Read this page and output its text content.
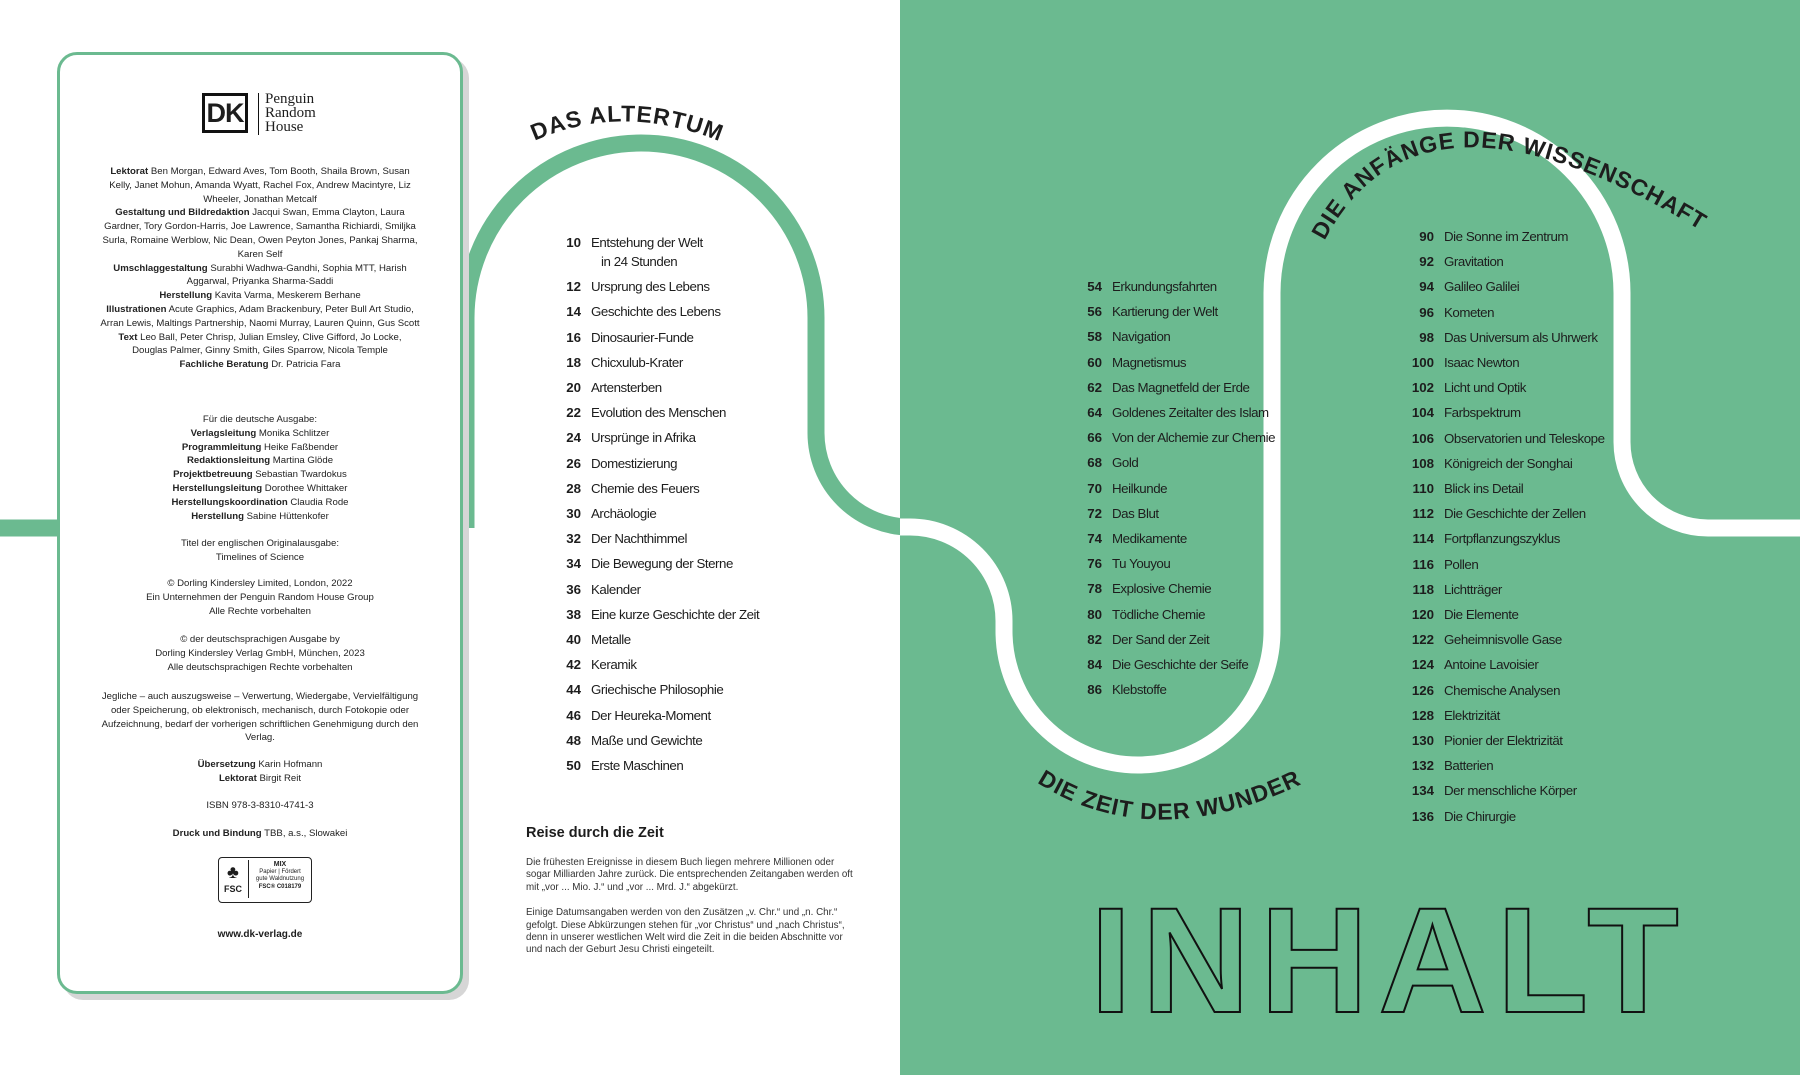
DAS ALTERTUM
DIE ZEIT DER WUNDER
DIE ANFÄNGE DER WISSENSCHAFT
DK	Penguin
Random
House
Lektorat Ben Morgan, Edward Aves, Tom Booth, Shaila Brown, Susan Kelly, Janet Mohun, Amanda Wyatt, Rachel Fox, Andrew Macintyre, Liz Wheeler, Jonathan Metcalf
Gestaltung und Bildredaktion Jacqui Swan, Emma Clayton, Laura Gardner, Tory Gordon-Harris, Joe Lawrence, Samantha Richiardi, Smiljka Surla, Romaine Werblow, Nic Dean, Owen Peyton Jones, Pankaj Sharma, Karen Self
Umschlaggestaltung Surabhi Wadhwa-Gandhi, Sophia MTT, Harish Aggarwal, Priyanka Sharma-Saddi
Herstellung Kavita Varma, Meskerem Berhane
Illustrationen Acute Graphics, Adam Brackenbury, Peter Bull Art Studio, Arran Lewis, Maltings Partnership, Naomi Murray, Lauren Quinn, Gus Scott
Text Leo Ball, Peter Chrisp, Julian Emsley, Clive Gifford, Jo Locke, Douglas Palmer, Ginny Smith, Giles Sparrow, Nicola Temple
Fachliche Beratung Dr. Patricia Fara
Für die deutsche Ausgabe:
Verlagsleitung Monika Schlitzer
Programmleitung Heike Faßbender
Redaktionsleitung Martina Glöde
Projektbetreuung Sebastian Twardokus
Herstellungsleitung Dorothee Whittaker
Herstellungskoordination Claudia Rode
Herstellung Sabine Hüttenkofer
Titel der englischen Originalausgabe:
Timelines of Science
© Dorling Kindersley Limited, London, 2022
Ein Unternehmen der Penguin Random House Group
Alle Rechte vorbehalten
© der deutschsprachigen Ausgabe by
Dorling Kindersley Verlag GmbH, München, 2023
Alle deutschsprachigen Rechte vorbehalten
Jegliche – auch auszugsweise – Verwertung, Wiedergabe, Vervielfältigung oder Speicherung, ob elektronisch, mechanisch, durch Fotokopie oder Aufzeichnung, bedarf der vorherigen schriftlichen Genehmigung durch den Verlag.
Übersetzung Karin Hofmann
Lektorat Birgit Reit
ISBN 978-3-8310-4741-3
Druck und Bindung TBB, a.s., Slowakei
♣
FSC
MIX
Papier | Fördert
gute Waldnutzung
FSC® C018179
www.dk-verlag.de
10 Entstehung der Welt
in 24 Stunden
12 Ursprung des Lebens
14 Geschichte des Lebens
16 Dinosaurier-Funde
18 Chicxulub-Krater
20 Artensterben
22 Evolution des Menschen
24 Ursprünge in Afrika
26 Domestizierung
28 Chemie des Feuers
30 Archäologie
32 Der Nachthimmel
34 Die Bewegung der Sterne
36 Kalender
38 Eine kurze Geschichte der Zeit
40 Metalle
42 Keramik
44 Griechische Philosophie
46 Der Heureka-Moment
48 Maße und Gewichte
50 Erste Maschinen
54 Erkundungsfahrten
56 Kartierung der Welt
58 Navigation
60 Magnetismus
62 Das Magnetfeld der Erde
64 Goldenes Zeitalter des Islam
66 Von der Alchemie zur Chemie
68 Gold
70 Heilkunde
72 Das Blut
74 Medikamente
76 Tu Youyou
78 Explosive Chemie
80 Tödliche Chemie
82 Der Sand der Zeit
84 Die Geschichte der Seife
86 Klebstoffe
90 Die Sonne im Zentrum
92 Gravitation
94 Galileo Galilei
96 Kometen
98 Das Universum als Uhrwerk
100 Isaac Newton
102 Licht und Optik
104 Farbspektrum
106 Observatorien und Teleskope
108 Königreich der Songhai
110 Blick ins Detail
112 Die Geschichte der Zellen
114 Fortpflanzungszyklus
116 Pollen
118 Lichtträger
120 Die Elemente
122 Geheimnisvolle Gase
124 Antoine Lavoisier
126 Chemische Analysen
128 Elektrizität
130 Pionier der Elektrizität
132 Batterien
134 Der menschliche Körper
136 Die Chirurgie
Reise durch die Zeit

Die frühesten Ereignisse in diesem Buch liegen mehrere Millionen oder sogar Milliarden Jahre zurück. Die entsprechenden Zeitangaben werden oft mit „vor ... Mio. J.“ und „vor ... Mrd. J.“ abgekürzt.

Einige Datumsangaben werden von den Zusätzen „v. Chr.“ und „n. Chr.“ gefolgt. Diese Abkürzungen stehen für „vor Christus“ und „nach Christus“, denn in unserer westlichen Welt wird die Zeit in die beiden Abschnitte vor und nach der Geburt Jesu Christi eingeteilt.	INHALT
